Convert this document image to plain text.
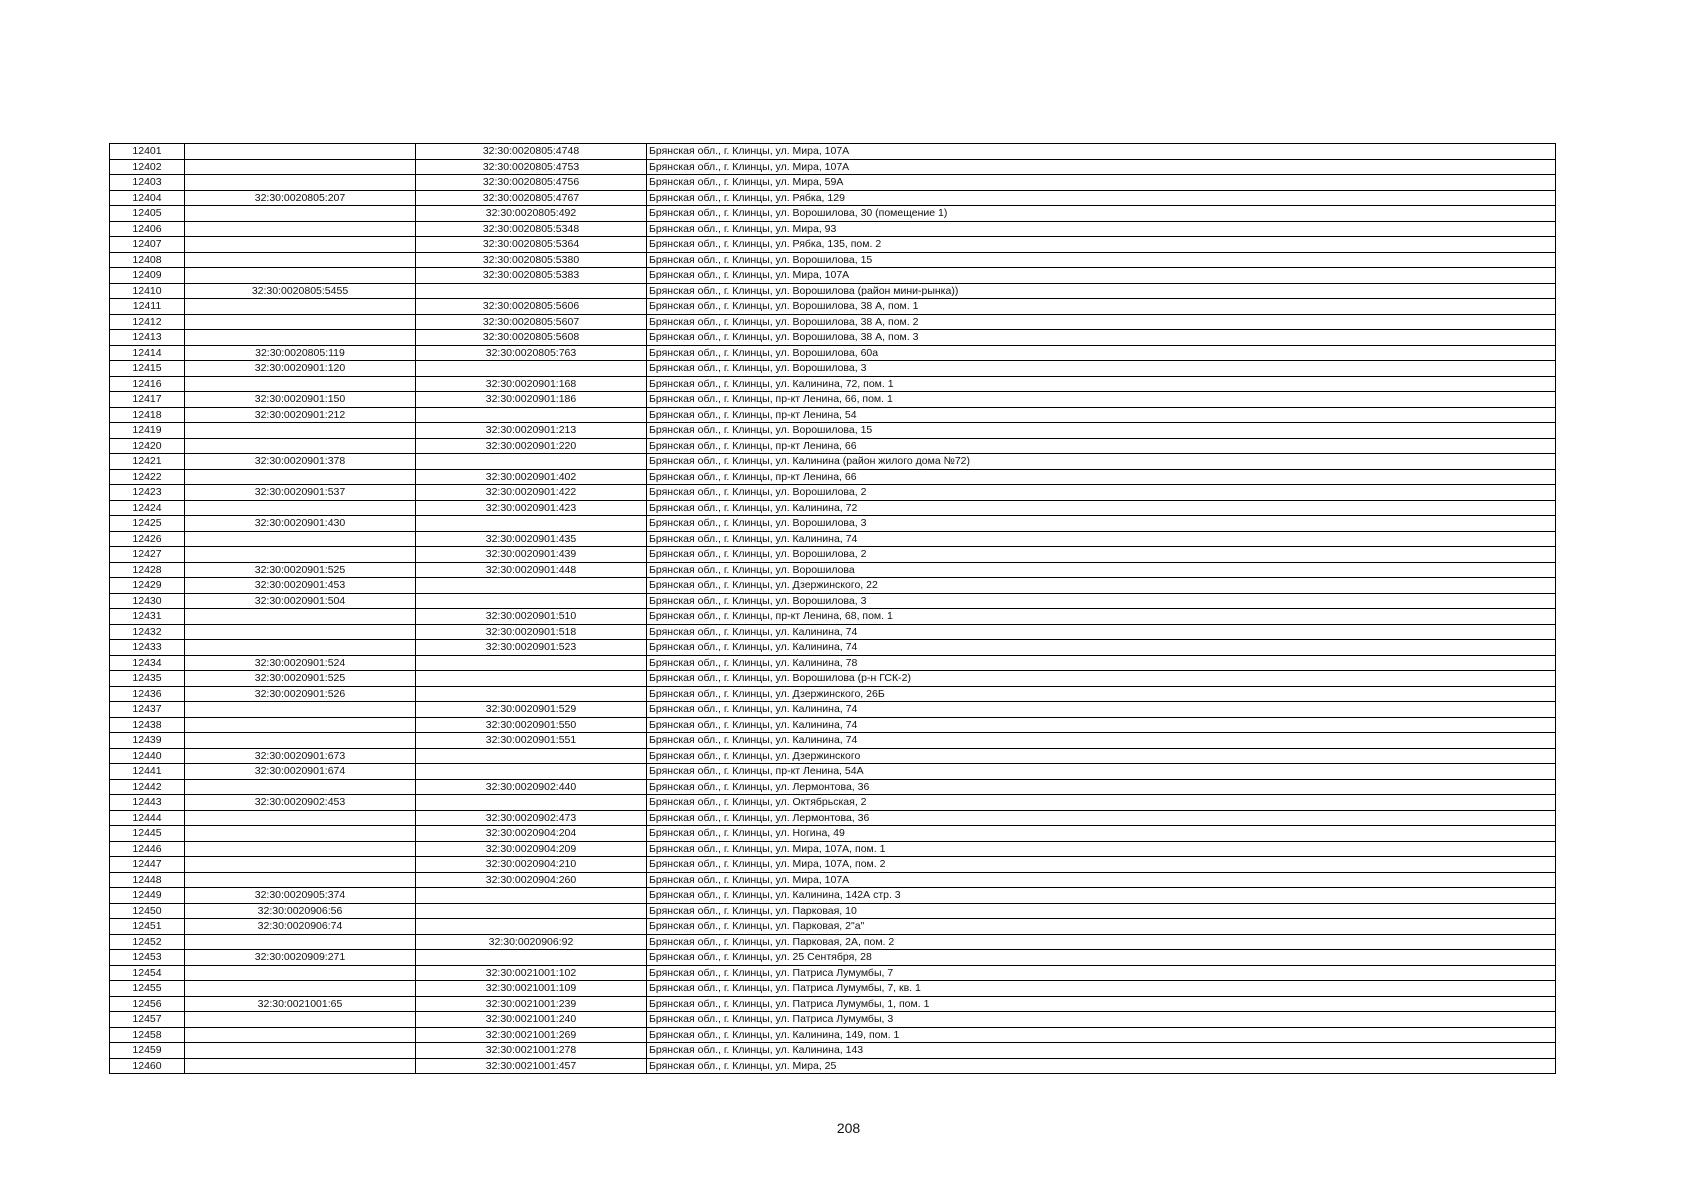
12401		32:30:0020805:4748	Брянская обл., г. Клинцы, ул. Мира, 107А
12402		32:30:0020805:4753	Брянская обл., г. Клинцы, ул. Мира, 107А
12403		32:30:0020805:4756	Брянская обл., г. Клинцы, ул. Мира, 59А
12404	32:30:0020805:207	32:30:0020805:4767	Брянская обл., г. Клинцы, ул. Рябка, 129
12405		32:30:0020805:492	Брянская обл., г. Клинцы, ул. Ворошилова, 30 (помещение 1)
12406		32:30:0020805:5348	Брянская обл., г. Клинцы, ул. Мира, 93
12407		32:30:0020805:5364	Брянская обл., г. Клинцы, ул. Рябка, 135, пом. 2
12408		32:30:0020805:5380	Брянская обл., г. Клинцы, ул. Ворошилова, 15
12409		32:30:0020805:5383	Брянская обл., г. Клинцы, ул. Мира, 107А
12410	32:30:0020805:5455		Брянская обл., г. Клинцы, ул. Ворошилова (район мини-рынка))
12411		32:30:0020805:5606	Брянская обл., г. Клинцы, ул. Ворошилова, 38 А, пом. 1
12412		32:30:0020805:5607	Брянская обл., г. Клинцы, ул. Ворошилова, 38 А, пом. 2
12413		32:30:0020805:5608	Брянская обл., г. Клинцы, ул. Ворошилова, 38 А, пом. 3
12414	32:30:0020805:119	32:30:0020805:763	Брянская обл., г. Клинцы, ул. Ворошилова, 60а
12415	32:30:0020901:120		Брянская обл., г. Клинцы, ул. Ворошилова, 3
12416		32:30:0020901:168	Брянская обл., г. Клинцы, ул. Калинина, 72, пом. 1
12417	32:30:0020901:150	32:30:0020901:186	Брянская обл., г. Клинцы, пр-кт Ленина, 66, пом. 1
12418	32:30:0020901:212		Брянская обл., г. Клинцы, пр-кт Ленина, 54
12419		32:30:0020901:213	Брянская обл., г. Клинцы, ул. Ворошилова, 15
12420		32:30:0020901:220	Брянская обл., г. Клинцы, пр-кт Ленина, 66
12421	32:30:0020901:378		Брянская обл., г. Клинцы, ул. Калинина (район жилого дома №72)
12422		32:30:0020901:402	Брянская обл., г. Клинцы, пр-кт Ленина, 66
12423	32:30:0020901:537	32:30:0020901:422	Брянская обл., г. Клинцы, ул. Ворошилова, 2
12424		32:30:0020901:423	Брянская обл., г. Клинцы, ул. Калинина, 72
12425	32:30:0020901:430		Брянская обл., г. Клинцы, ул. Ворошилова, 3
12426		32:30:0020901:435	Брянская обл., г. Клинцы, ул. Калинина, 74
12427		32:30:0020901:439	Брянская обл., г. Клинцы, ул. Ворошилова, 2
12428	32:30:0020901:525	32:30:0020901:448	Брянская обл., г. Клинцы, ул. Ворошилова
12429	32:30:0020901:453		Брянская обл., г. Клинцы, ул. Дзержинского, 22
12430	32:30:0020901:504		Брянская обл., г. Клинцы, ул. Ворошилова, 3
12431		32:30:0020901:510	Брянская обл., г. Клинцы, пр-кт Ленина, 68, пом. 1
12432		32:30:0020901:518	Брянская обл., г. Клинцы, ул. Калинина, 74
12433		32:30:0020901:523	Брянская обл., г. Клинцы, ул. Калинина, 74
12434	32:30:0020901:524		Брянская обл., г. Клинцы, ул. Калинина, 78
12435	32:30:0020901:525		Брянская обл., г. Клинцы, ул. Ворошилова (р-н ГСК-2)
12436	32:30:0020901:526		Брянская обл., г. Клинцы, ул. Дзержинского, 26Б
12437		32:30:0020901:529	Брянская обл., г. Клинцы, ул. Калинина, 74
12438		32:30:0020901:550	Брянская обл., г. Клинцы, ул. Калинина, 74
12439		32:30:0020901:551	Брянская обл., г. Клинцы, ул. Калинина, 74
12440	32:30:0020901:673		Брянская обл., г. Клинцы, ул. Дзержинского
12441	32:30:0020901:674		Брянская обл., г. Клинцы, пр-кт Ленина, 54А
12442		32:30:0020902:440	Брянская обл., г. Клинцы, ул. Лермонтова, 36
12443	32:30:0020902:453		Брянская обл., г. Клинцы, ул. Октябрьская, 2
12444		32:30:0020902:473	Брянская обл., г. Клинцы, ул. Лермонтова, 36
12445		32:30:0020904:204	Брянская обл., г. Клинцы, ул. Ногина, 49
12446		32:30:0020904:209	Брянская обл., г. Клинцы, ул. Мира, 107А, пом. 1
12447		32:30:0020904:210	Брянская обл., г. Клинцы, ул. Мира, 107А, пом. 2
12448		32:30:0020904:260	Брянская обл., г. Клинцы, ул. Мира, 107А
12449	32:30:0020905:374		Брянская обл., г. Клинцы, ул. Калинина, 142А стр. 3
12450	32:30:0020906:56		Брянская обл., г. Клинцы, ул. Парковая, 10
12451	32:30:0020906:74		Брянская обл., г. Клинцы, ул. Парковая, 2"а"
12452		32:30:0020906:92	Брянская обл., г. Клинцы, ул. Парковая, 2А, пом. 2
12453	32:30:0020909:271		Брянская обл., г. Клинцы, ул. 25 Сентября, 28
12454		32:30:0021001:102	Брянская обл., г. Клинцы, ул. Патриса Лумумбы, 7
12455		32:30:0021001:109	Брянская обл., г. Клинцы, ул. Патриса Лумумбы, 7, кв. 1
12456	32:30:0021001:65	32:30:0021001:239	Брянская обл., г. Клинцы, ул. Патриса Лумумбы, 1, пом. 1
12457		32:30:0021001:240	Брянская обл., г. Клинцы, ул. Патриса Лумумбы, 3
12458		32:30:0021001:269	Брянская обл., г. Клинцы, ул. Калинина, 149, пом. 1
12459		32:30:0021001:278	Брянская обл., г. Клинцы, ул. Калинина, 143
12460		32:30:0021001:457	Брянская обл., г. Клинцы, ул. Мира, 25
208
